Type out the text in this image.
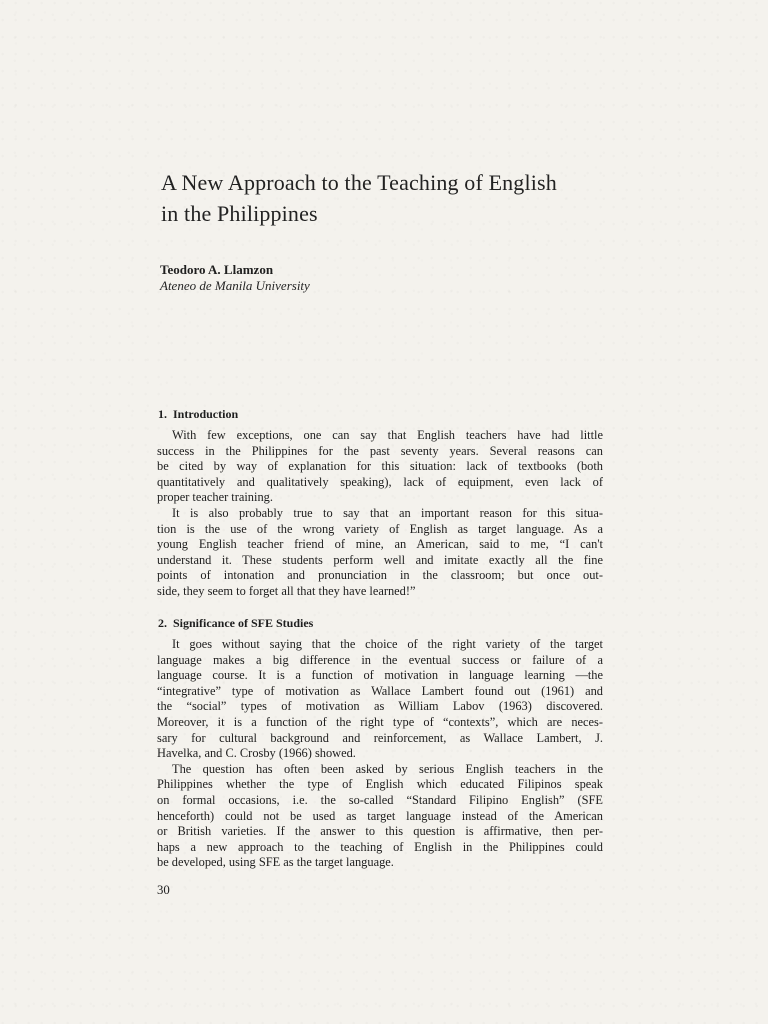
A New Approach to the Teaching of English
in the Philippines
Teodoro A. Llamzon
Ateneo de Manila University
1. Introduction
With few exceptions, one can say that English teachers have had little
success in the Philippines for the past seventy years. Several reasons can
be cited by way of explanation for this situation: lack of textbooks (both
quantitatively and qualitatively speaking), lack of equipment, even lack of
proper teacher training.
It is also probably true to say that an important reason for this situa-
tion is the use of the wrong variety of English as target language. As a
young English teacher friend of mine, an American, said to me, “I can't
understand it. These students perform well and imitate exactly all the fine
points of intonation and pronunciation in the classroom; but once out-
side, they seem to forget all that they have learned!”
2. Significance of SFE Studies
It goes without saying that the choice of the right variety of the target
language makes a big difference in the eventual success or failure of a
language course. It is a function of motivation in language learning —the
“integrative” type of motivation as Wallace Lambert found out (1961) and
the “social” types of motivation as William Labov (1963) discovered.
Moreover, it is a function of the right type of “contexts”, which are neces-
sary for cultural background and reinforcement, as Wallace Lambert, J.
Havelka, and C. Crosby (1966) showed.
The question has often been asked by serious English teachers in the
Philippines whether the type of English which educated Filipinos speak
on formal occasions, i.e. the so-called “Standard Filipino English” (SFE
henceforth) could not be used as target language instead of the American
or British varieties. If the answer to this question is affirmative, then per-
haps a new approach to the teaching of English in the Philippines could
be developed, using SFE as the target language.
30
